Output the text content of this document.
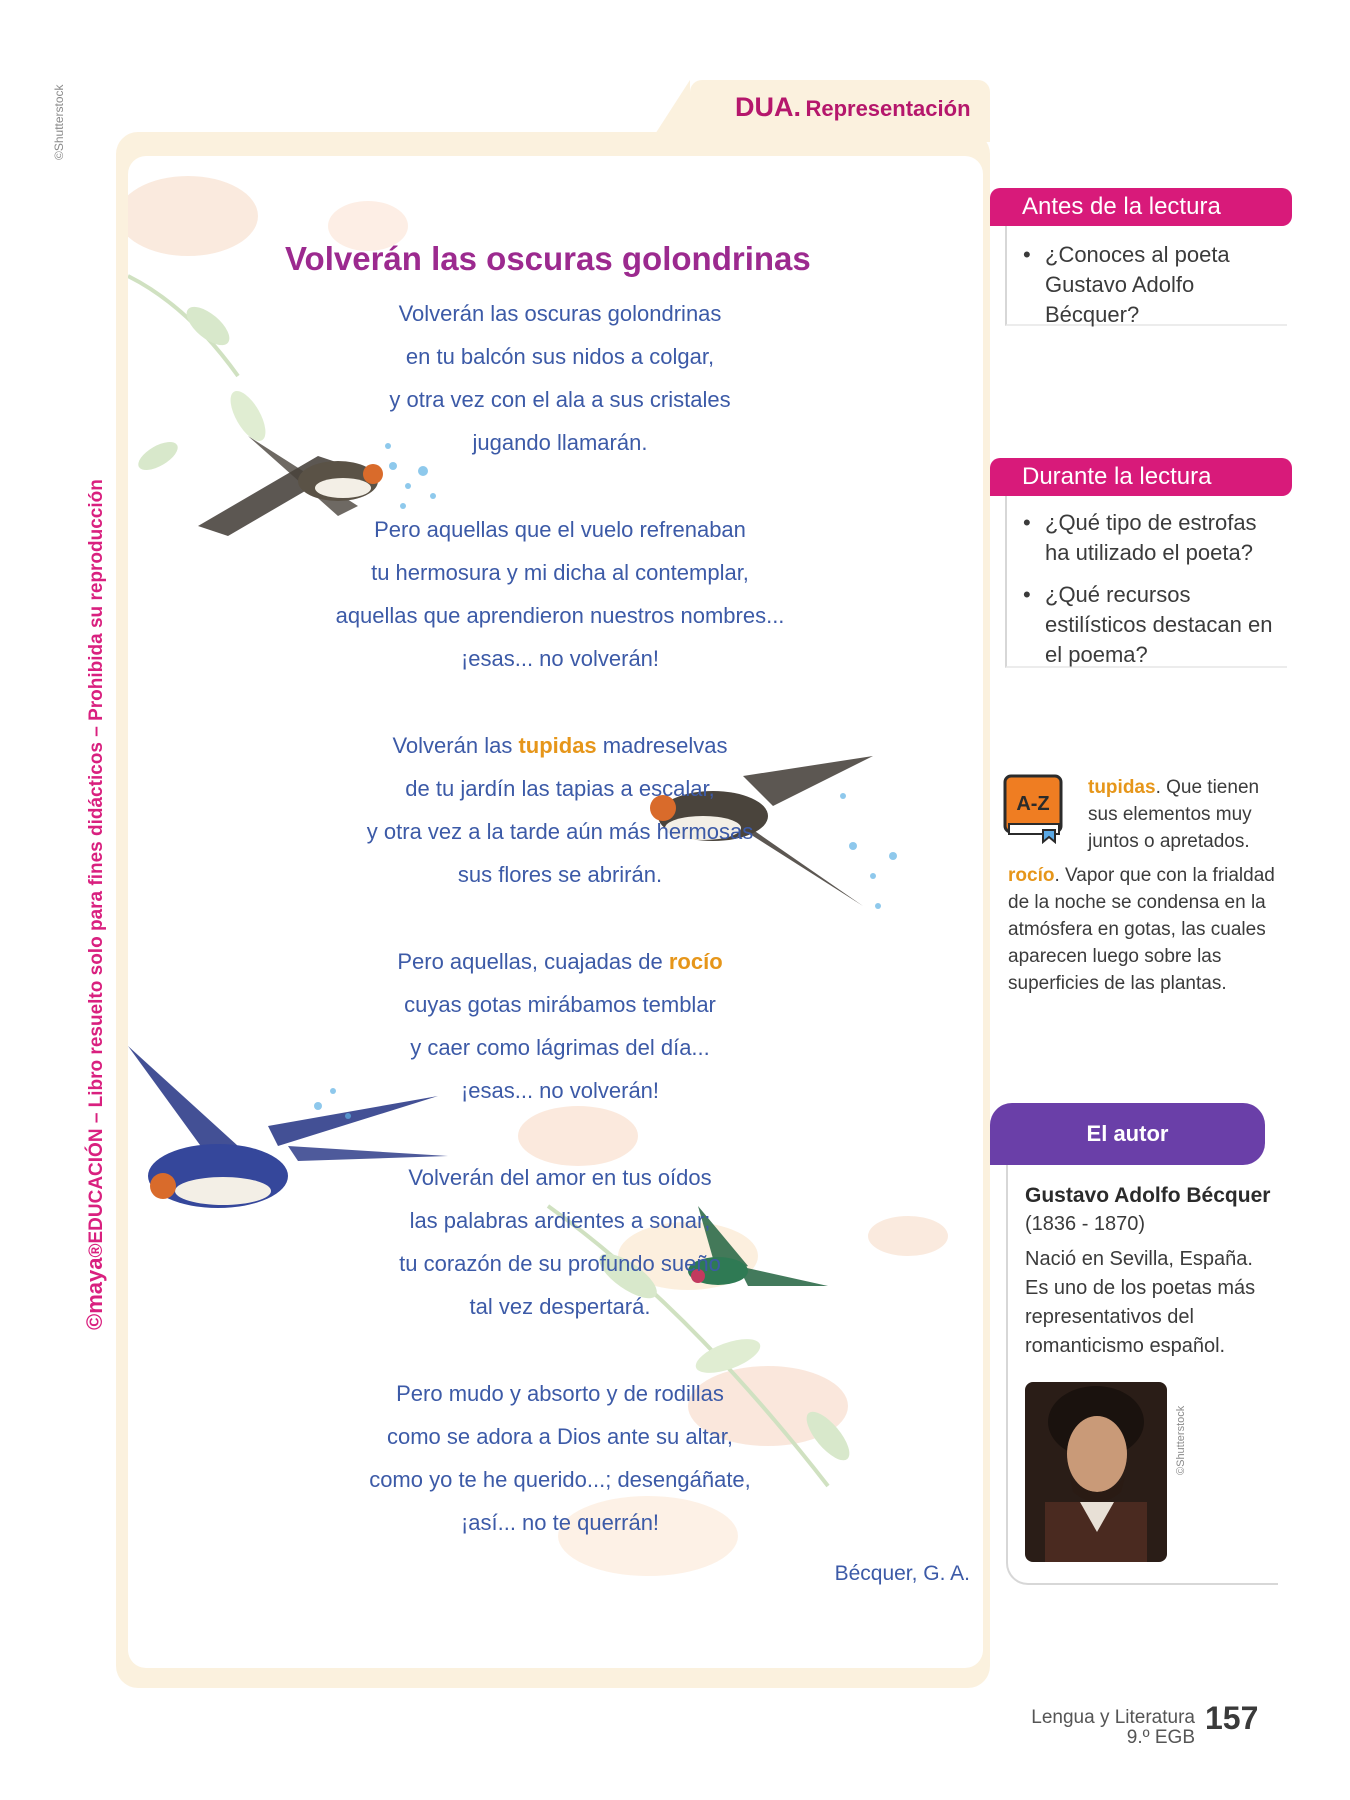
©Shutterstock
©maya®EDUCACIÓN – Libro resuelto solo para fines didácticos – Prohibida su reproducción
DUA. Representación
Volverán las oscuras golondrinas
Volverán las oscuras golondrinas
en tu balcón sus nidos a colgar,
y otra vez con el ala a sus cristales
jugando llamarán.
Pero aquellas que el vuelo refrenaban
tu hermosura y mi dicha al contemplar,
aquellas que aprendieron nuestros nombres...
¡esas... no volverán!
Volverán las tupidas madreselvas
de tu jardín las tapias a escalar,
y otra vez a la tarde aún más hermosas
sus flores se abrirán.
Pero aquellas, cuajadas de rocío
cuyas gotas mirábamos temblar
y caer como lágrimas del día...
¡esas... no volverán!
Volverán del amor en tus oídos
las palabras ardientes a sonar;
tu corazón de su profundo sueño
tal vez despertará.
Pero mudo y absorto y de rodillas
como se adora a Dios ante su altar,
como yo te he querido...; desengáñate,
¡así... no te querrán!
Bécquer, G. A.
Antes de la lectura
• ¿Conoces al poeta Gustavo Adolfo Bécquer?
Durante la lectura
• ¿Qué tipo de estrofas ha utilizado el poeta?
• ¿Qué recursos estilísticos destacan en el poema?
A-Z

tupidas. Que tienen sus elementos muy juntos o apretados.

rocío. Vapor que con la frialdad de la noche se condensa en la atmósfera en gotas, las cuales aparecen luego sobre las superficies de las plantas.

El autor
Gustavo Adolfo Bécquer
(1836 - 1870)

Nació en Sevilla, España. Es uno de los poetas más representativos del romanticismo español.

©Shutterstock
Lengua y Literatura
9.º EGB
157
